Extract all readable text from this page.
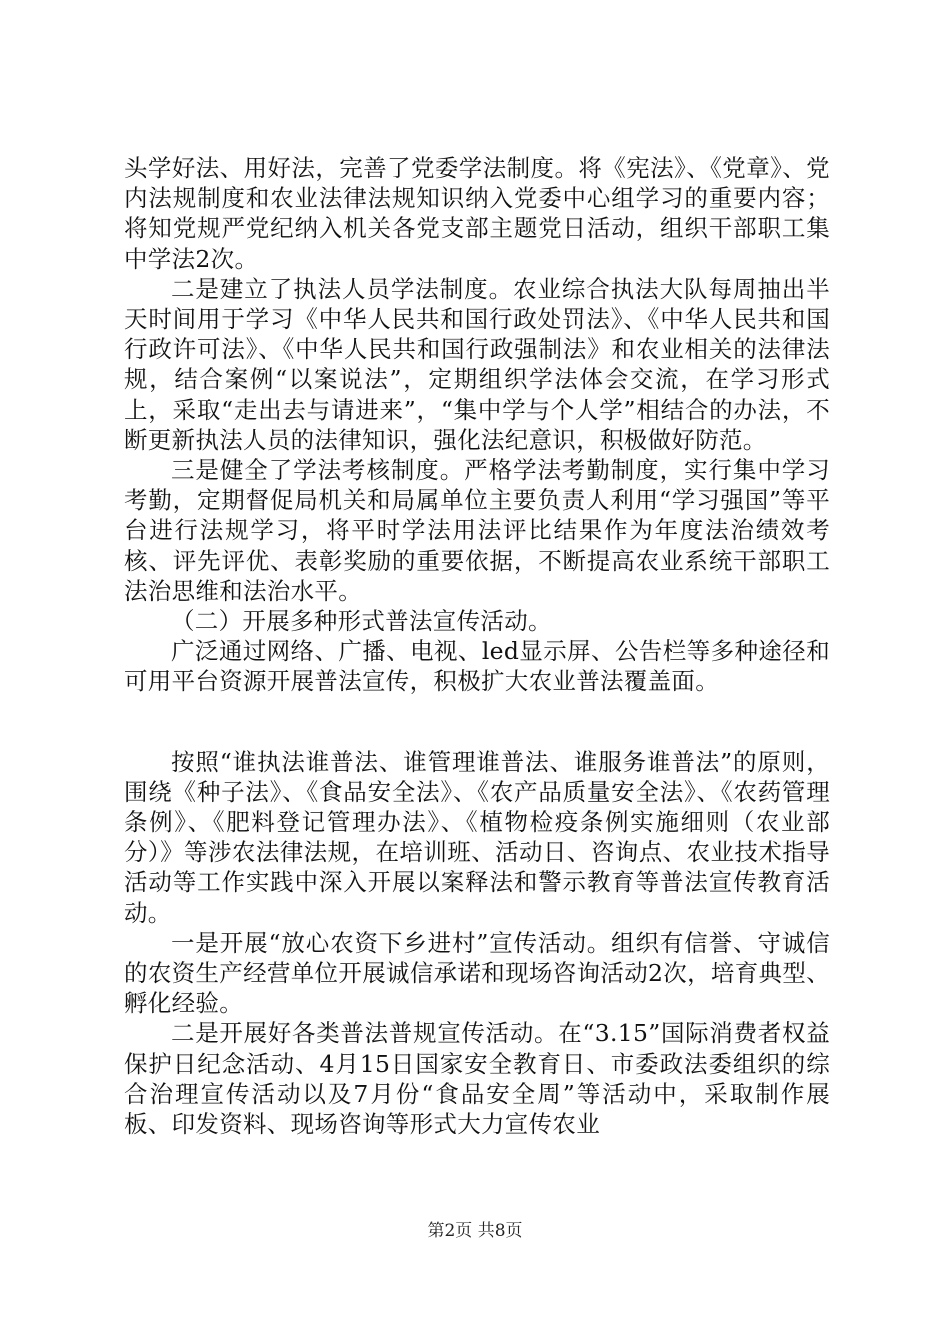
头学好法、用好法，完善了党委学法制度。将《宪法》、《党章》、党内法规制度和农业法律法规知识纳入党委中心组学习的重要内容；将知党规严党纪纳入机关各党支部主题党日活动，组织干部职工集中学法2次。

二是建立了执法人员学法制度。农业综合执法大队每周抽出半天时间用于学习《中华人民共和国行政处罚法》、《中华人民共和国行政许可法》、《中华人民共和国行政强制法》和农业相关的法律法规，结合案例“以案说法”，定期组织学法体会交流，在学习形式上，采取“走出去与请进来”，“集中学与个人学”相结合的办法，不断更新执法人员的法律知识，强化法纪意识，积极做好防范。

三是健全了学法考核制度。严格学法考勤制度，实行集中学习考勤，定期督促局机关和局属单位主要负责人利用“学习强国”等平台进行法规学习，将平时学法用法评比结果作为年度法治绩效考核、评先评优、表彰奖励的重要依据，不断提高农业系统干部职工法治思维和法治水平。

（二）开展多种形式普法宣传活动。

广泛通过网络、广播、电视、led显示屏、公告栏等多种途径和可用平台资源开展普法宣传，积极扩大农业普法覆盖面。

按照“谁执法谁普法、谁管理谁普法、谁服务谁普法”的原则，围绕《种子法》、《食品安全法》、《农产品质量安全法》、《农药管理条例》、《肥料登记管理办法》、《植物检疫条例实施细则（农业部分）》等涉农法律法规，在培训班、活动日、咨询点、农业技术指导活动等工作实践中深入开展以案释法和警示教育等普法宣传教育活动。

一是开展“放心农资下乡进村”宣传活动。组织有信誉、守诚信的农资生产经营单位开展诚信承诺和现场咨询活动2次，培育典型、孵化经验。

二是开展好各类普法普规宣传活动。在“3.15”国际消费者权益保护日纪念活动、4月15日国家安全教育日、市委政法委组织的综合治理宣传活动以及7月份“食品安全周”等活动中，采取制作展板、印发资料、现场咨询等形式大力宣传农业

第2页 共8页
